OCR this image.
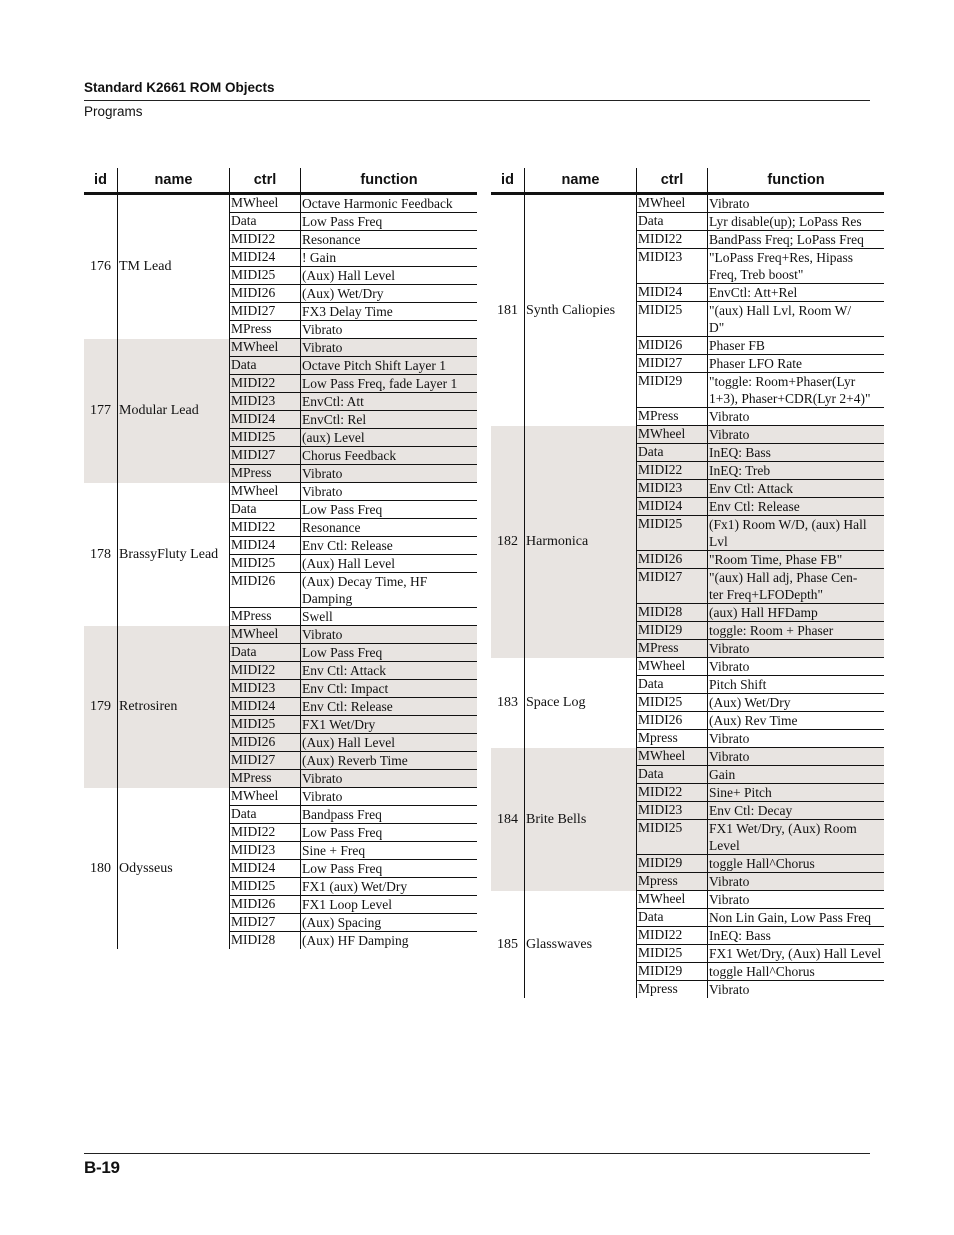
Standard K2661 ROM Objects
Programs
id	name	ctrl	function
176 TM Lead
MWheel	Octave Harmonic Feedback
Data	Low Pass Freq
MIDI22	Resonance
MIDI24	! Gain
MIDI25	(Aux) Hall Level
MIDI26	(Aux) Wet/Dry
MIDI27	FX3 Delay Time
MPress	Vibrato
177 Modular Lead
MWheel	Vibrato
Data	Octave Pitch Shift Layer 1
MIDI22	Low Pass Freq, fade Layer 1
MIDI23	EnvCtl: Att
MIDI24	EnvCtl: Rel
MIDI25	(aux) Level
MIDI27	Chorus Feedback
MPress	Vibrato
178 BrassyFluty Lead
MWheel	Vibrato
Data	Low Pass Freq
MIDI22	Resonance
MIDI24	Env Ctl: Release
MIDI25	(Aux) Hall Level
MIDI26	(Aux) Decay Time, HF Damping
MPress	Swell
179 Retrosiren
MWheel	Vibrato
Data	Low Pass Freq
MIDI22	Env Ctl: Attack
MIDI23	Env Ctl: Impact
MIDI24	Env Ctl: Release
MIDI25	FX1 Wet/Dry
MIDI26	(Aux) Hall Level
MIDI27	(Aux) Reverb Time
MPress	Vibrato
180 Odysseus
MWheel	Vibrato
Data	Bandpass Freq
MIDI22	Low Pass Freq
MIDI23	Sine + Freq
MIDI24	Low Pass Freq
MIDI25	FX1 (aux) Wet/Dry
MIDI26	FX1 Loop Level
MIDI27	(Aux) Spacing
MIDI28	(Aux) HF Damping
id	name	ctrl	function
181 Synth Caliopies
MWheel	Vibrato
Data	Lyr disable(up); LoPass Res
MIDI22	BandPass Freq; LoPass Freq
MIDI23	"LoPass Freq+Res, Hipass Freq, Treb boost"
MIDI24	EnvCtl: Att+Rel
MIDI25	"(aux) Hall Lvl, Room W/
D"
MIDI26	Phaser FB
MIDI27	Phaser LFO Rate
MIDI29	"toggle: Room+Phaser(Lyr 1+3), Phaser+CDR(Lyr 2+4)"
MPress	Vibrato
182 Harmonica
MWheel	Vibrato
Data	InEQ: Bass
MIDI22	InEQ: Treb
MIDI23	Env Ctl: Attack
MIDI24	Env Ctl: Release
MIDI25	(Fx1) Room W/D, (aux) Hall Lvl
MIDI26	"Room Time, Phase FB"
MIDI27	"(aux) Hall adj, Phase Cen-
ter Freq+LFODepth"
MIDI28	(aux) Hall HFDamp
MIDI29	toggle: Room + Phaser
MPress	Vibrato
183 Space Log
MWheel	Vibrato
Data	Pitch Shift
MIDI25	(Aux) Wet/Dry
MIDI26	(Aux) Rev Time
Mpress	Vibrato
184 Brite Bells
MWheel	Vibrato
Data	Gain
MIDI22	Sine+ Pitch
MIDI23	Env Ctl: Decay
MIDI25	FX1 Wet/Dry, (Aux) Room Level
MIDI29	toggle Hall^Chorus
Mpress	Vibrato
185 Glasswaves
MWheel	Vibrato
Data	Non Lin Gain, Low Pass Freq
MIDI22	InEQ: Bass
MIDI25	FX1 Wet/Dry, (Aux) Hall Level
MIDI29	toggle Hall^Chorus
Mpress	Vibrato
B-19
